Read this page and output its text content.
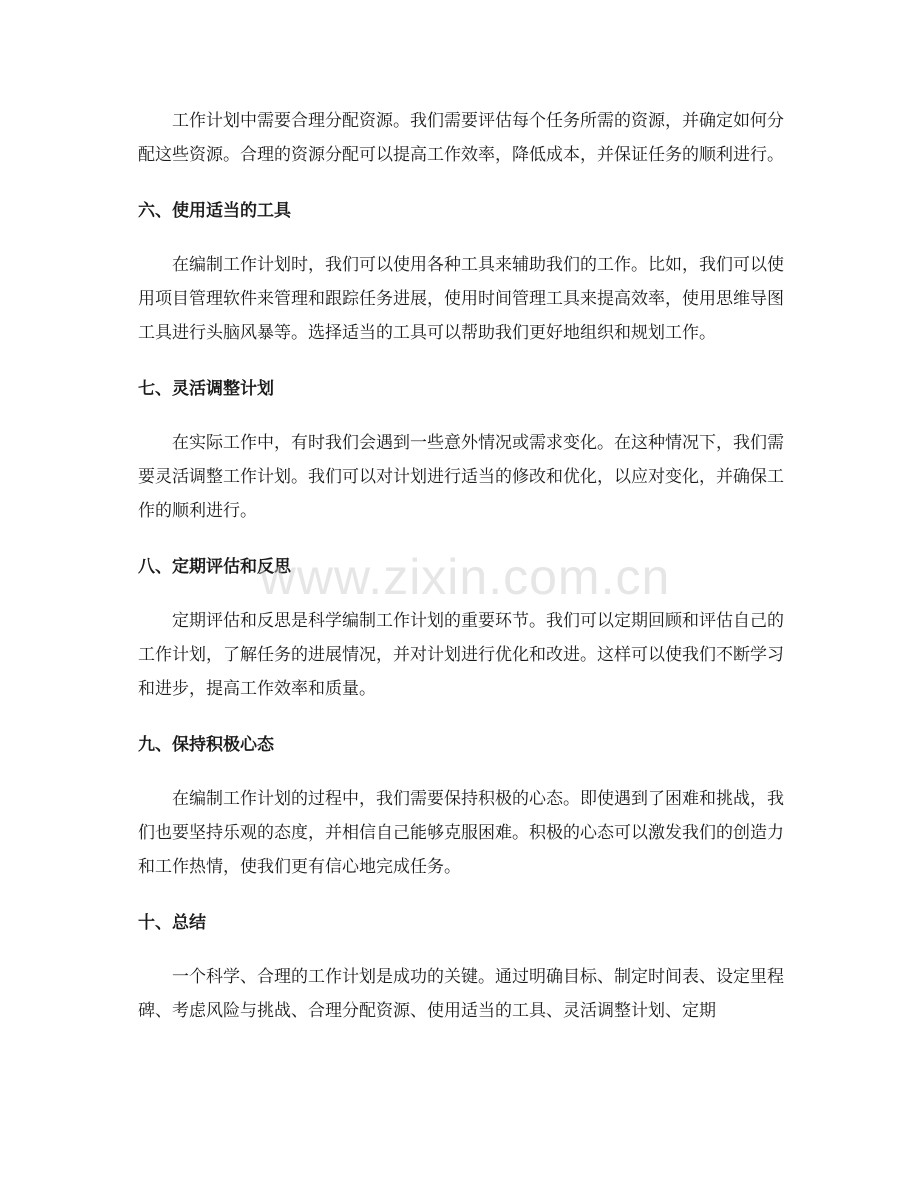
工作计划中需要合理分配资源。我们需要评估每个任务所需的资源，并确定如何分配这些资源。合理的资源分配可以提高工作效率，降低成本，并保证任务的顺利进行。

六、使用适当的工具

在编制工作计划时，我们可以使用各种工具来辅助我们的工作。比如，我们可以使用项目管理软件来管理和跟踪任务进展，使用时间管理工具来提高效率，使用思维导图工具进行头脑风暴等。选择适当的工具可以帮助我们更好地组织和规划工作。

七、灵活调整计划

在实际工作中，有时我们会遇到一些意外情况或需求变化。在这种情况下，我们需要灵活调整工作计划。我们可以对计划进行适当的修改和优化，以应对变化，并确保工作的顺利进行。

八、定期评估和反思

定期评估和反思是科学编制工作计划的重要环节。我们可以定期回顾和评估自己的工作计划，了解任务的进展情况，并对计划进行优化和改进。这样可以使我们不断学习和进步，提高工作效率和质量。

九、保持积极心态

在编制工作计划的过程中，我们需要保持积极的心态。即使遇到了困难和挑战，我们也要坚持乐观的态度，并相信自己能够克服困难。积极的心态可以激发我们的创造力和工作热情，使我们更有信心地完成任务。

十、总结

一个科学、合理的工作计划是成功的关键。通过明确目标、制定时间表、设定里程碑、考虑风险与挑战、合理分配资源、使用适当的工具、灵活调整计划、定期

www.zixin.com.cn
